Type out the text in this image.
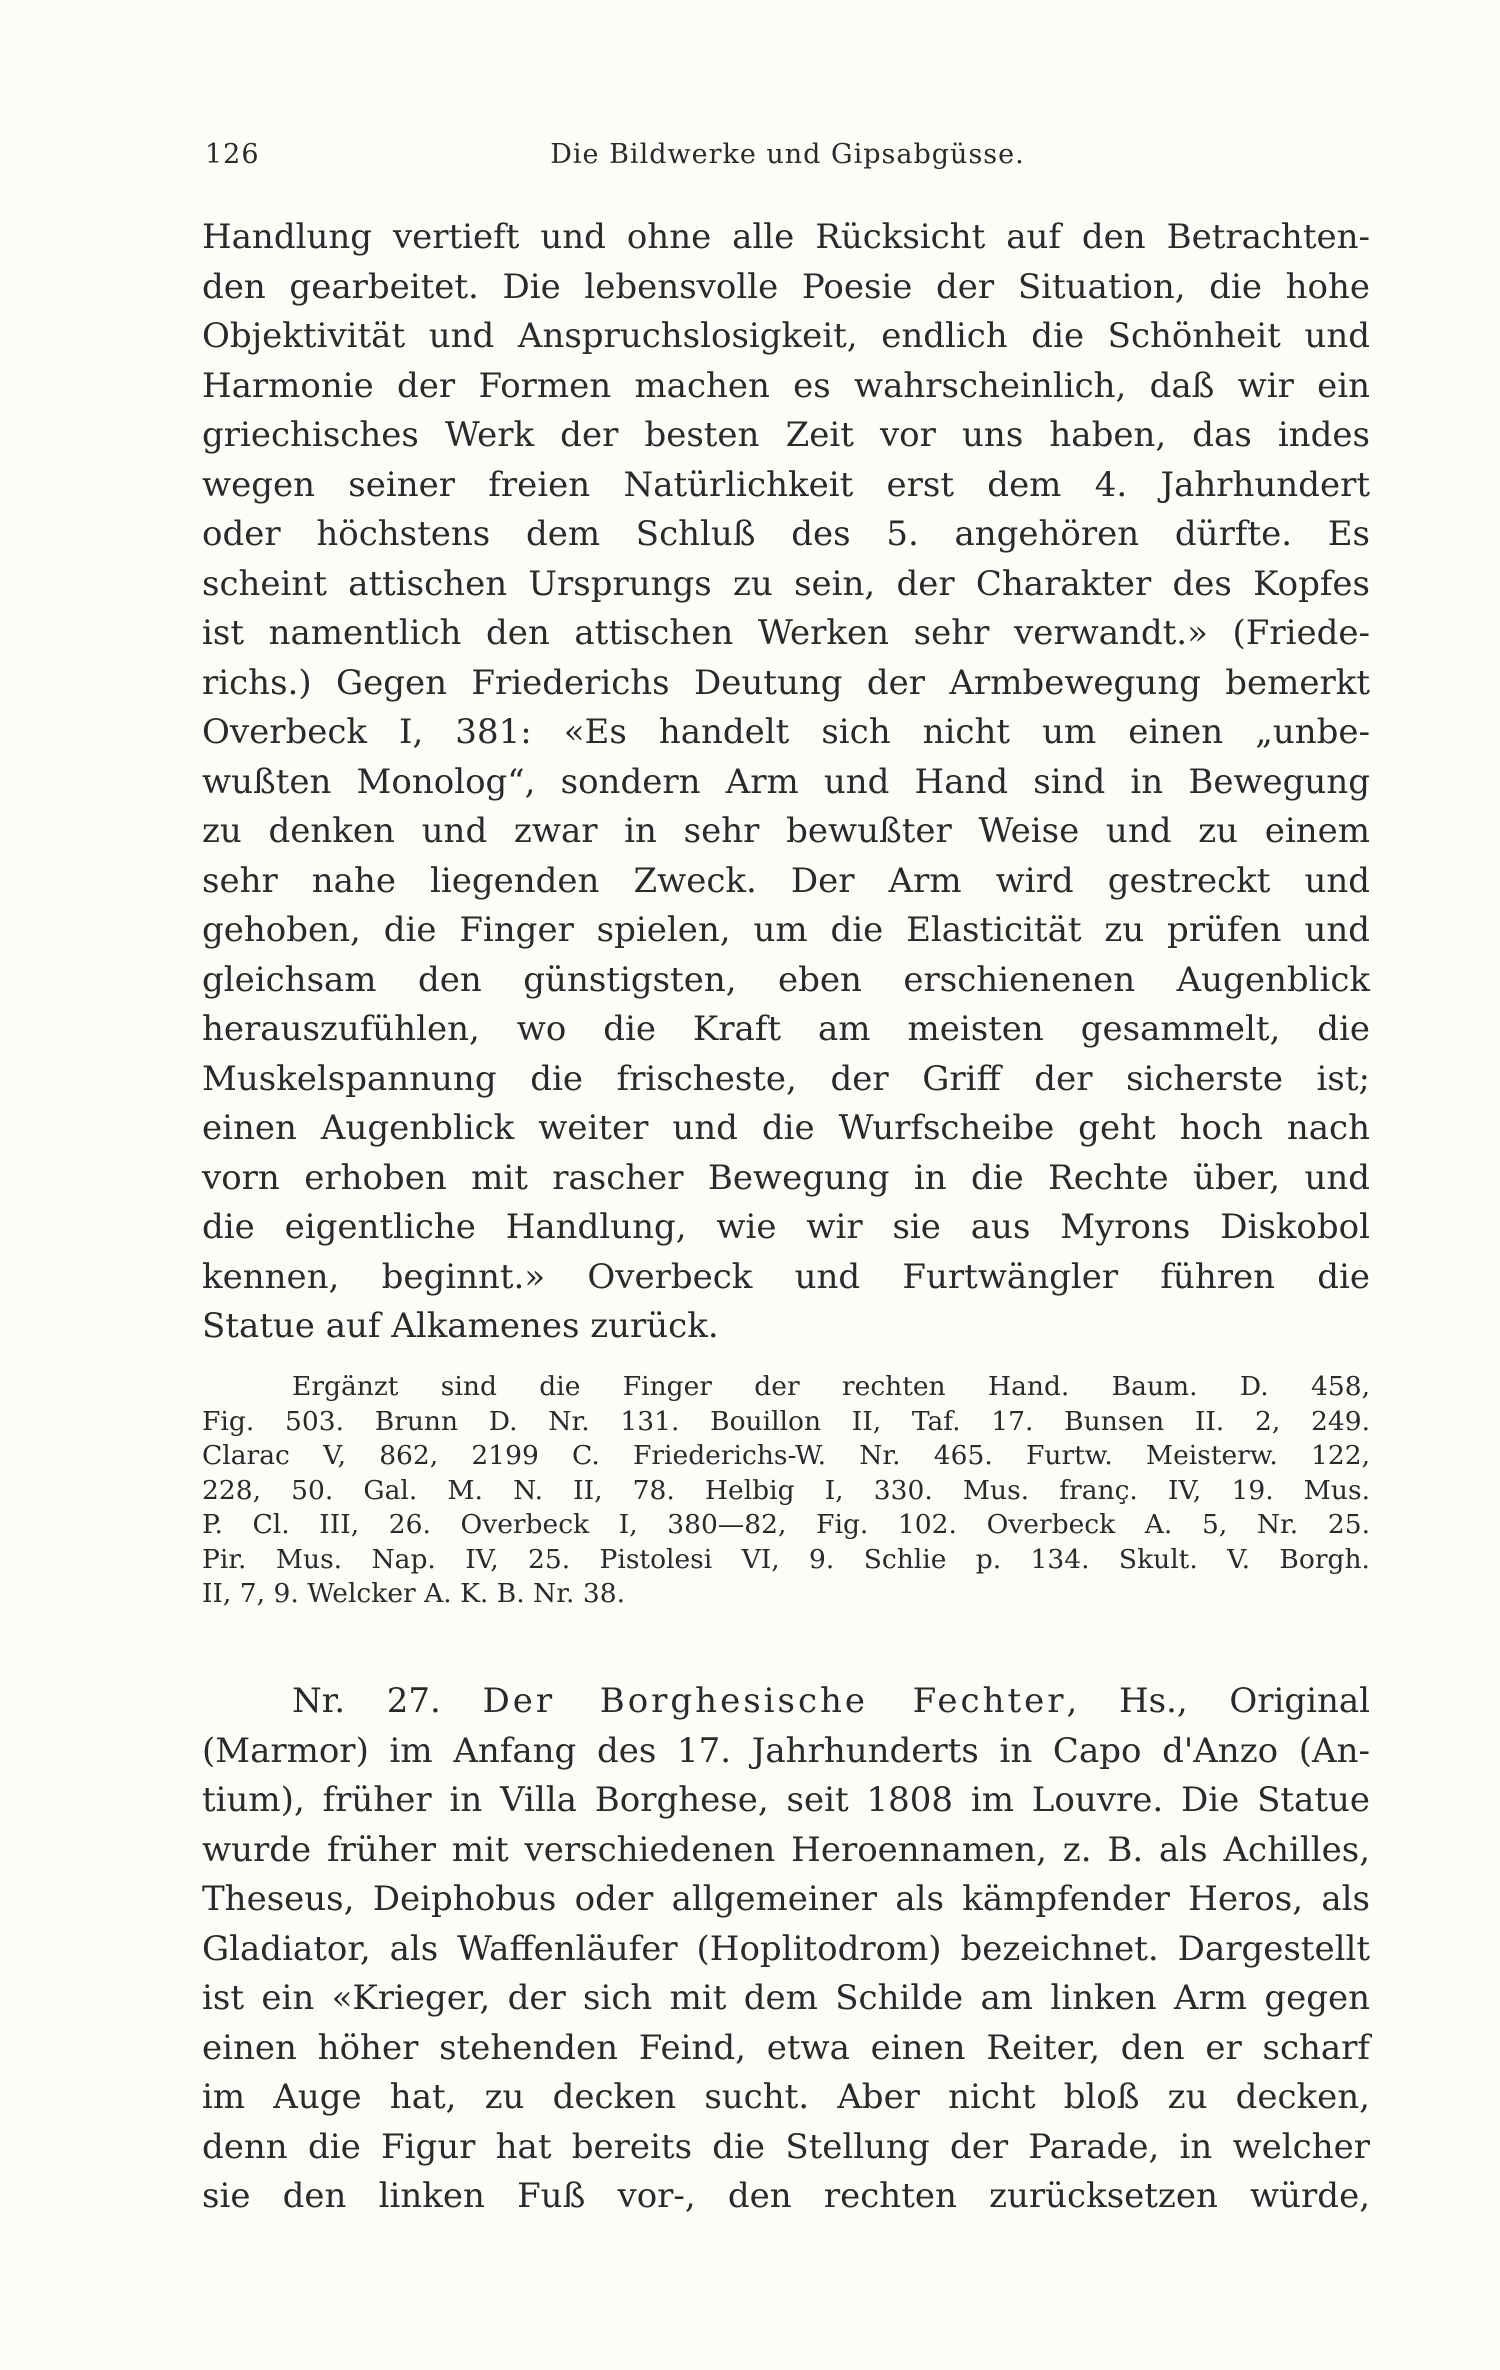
126	Die Bildwerke und Gipsabgüsse.
Handlung vertieft und ohne alle Rücksicht auf den Betrachten-
den gearbeitet. Die lebensvolle Poesie der Situation, die hohe
Objektivität und Anspruchslosigkeit, endlich die Schönheit und
Harmonie der Formen machen es wahrscheinlich, daß wir ein
griechisches Werk der besten Zeit vor uns haben, das indes
wegen seiner freien Natürlichkeit erst dem 4. Jahrhundert
oder höchstens dem Schluß des 5. angehören dürfte. Es
scheint attischen Ursprungs zu sein, der Charakter des Kopfes
ist namentlich den attischen Werken sehr verwandt.» (Friede-
richs.) Gegen Friederichs Deutung der Armbewegung bemerkt
Overbeck I, 381: «Es handelt sich nicht um einen „unbe-
wußten Monolog“, sondern Arm und Hand sind in Bewegung
zu denken und zwar in sehr bewußter Weise und zu einem
sehr nahe liegenden Zweck. Der Arm wird gestreckt und
gehoben, die Finger spielen, um die Elasticität zu prüfen und
gleichsam den günstigsten, eben erschienenen Augenblick
herauszufühlen, wo die Kraft am meisten gesammelt, die
Muskelspannung die frischeste, der Griff der sicherste ist;
einen Augenblick weiter und die Wurfscheibe geht hoch nach
vorn erhoben mit rascher Bewegung in die Rechte über, und
die eigentliche Handlung, wie wir sie aus Myrons Diskobol
kennen, beginnt.» Overbeck und Furtwängler führen die
Statue auf Alkamenes zurück.
Ergänzt sind die Finger der rechten Hand. Baum. D. 458,
Fig. 503. Brunn D. Nr. 131. Bouillon II, Taf. 17. Bunsen II. 2, 249.
Clarac V, 862, 2199 C. Friederichs-W. Nr. 465. Furtw. Meisterw. 122,
228, 50. Gal. M. N. II, 78. Helbig I, 330. Mus. franç. IV, 19. Mus.
P. Cl. III, 26. Overbeck I, 380—82, Fig. 102. Overbeck A. 5, Nr. 25.
Pir. Mus. Nap. IV, 25. Pistolesi VI, 9. Schlie p. 134. Skult. V. Borgh.
II, 7, 9. Welcker A. K. B. Nr. 38.
Nr. 27. Der Borghesische Fechter, Hs., Original
(Marmor) im Anfang des 17. Jahrhunderts in Capo d'Anzo (An-
tium), früher in Villa Borghese, seit 1808 im Louvre. Die Statue
wurde früher mit verschiedenen Heroennamen, z. B. als Achilles,
Theseus, Deiphobus oder allgemeiner als kämpfender Heros, als
Gladiator, als Waffenläufer (Hoplitodrom) bezeichnet. Dargestellt
ist ein «Krieger, der sich mit dem Schilde am linken Arm gegen
einen höher stehenden Feind, etwa einen Reiter, den er scharf
im Auge hat, zu decken sucht. Aber nicht bloß zu decken,
denn die Figur hat bereits die Stellung der Parade, in welcher
sie den linken Fuß vor-, den rechten zurücksetzen würde,
